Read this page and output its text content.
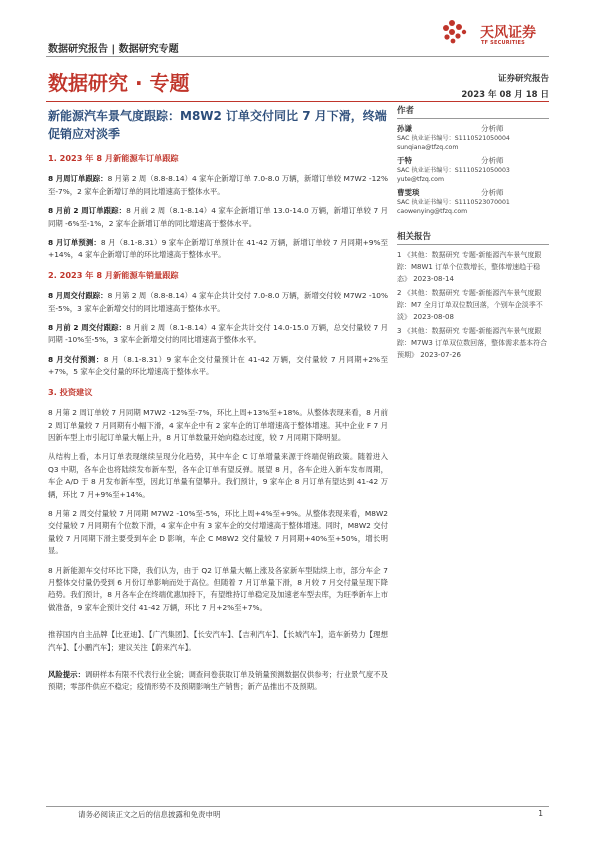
数据研究报告 | 数据研究专题
天风证券
TF SECURITIES
数据研究 · 专题	证券研究报告
2023 年 08 月 18 日
新能源汽车景气度跟踪：M8W2 订单交付同比 7 月下滑，终端促销应对淡季
1. 2023 年 8 月新能源车订单跟踪

8 月周订单跟踪：8 月第 2 周（8.8-8.14）4 家车企新增订单 7.0-8.0 万辆，新增订单较 M7W2 -12%至-7%，2 家车企新增订单的同比增速高于整体水平。

8 月前 2 周订单跟踪：8 月前 2 周（8.1-8.14）4 家车企新增订单 13.0-14.0 万辆，新增订单较 7 月同期 -6%至-1%，2 家车企新增订单的同比增速高于整体水平。

8 月订单预测：8 月（8.1-8.31）9 家车企新增订单预计在 41-42 万辆，新增订单较 7 月同期+9%至+14%，4 家车企新增订单的环比增速高于整体水平。

2. 2023 年 8 月新能源车销量跟踪

8 月周交付跟踪：8 月第 2 周（8.8-8.14）4 家车企共计交付 7.0-8.0 万辆，新增交付较 M7W2 -10%至-5%，3 家车企新增交付的同比增速高于整体水平。

8 月前 2 周交付跟踪：8 月前 2 周（8.1-8.14）4 家车企共计交付 14.0-15.0 万辆，总交付量较 7 月同期 -10%至-5%，3 家车企新增交付的同比增速高于整体水平。

8 月交付预测：8 月（8.1-8.31）9 家车企交付量预计在 41-42 万辆，交付量较 7 月同期+2%至+7%，5 家车企交付量的环比增速高于整体水平。

3. 投资建议

8 月第 2 周订单较 7 月同期 M7W2 -12%至-7%，环比上周+13%至+18%。从整体表现来看，8 月前 2 周订单量较 7 月同期有小幅下滑，4 家车企中有 2 家车企的订单增速高于整体增速。其中企业 F 7 月因新车型上市引起订单量大幅上升，8 月订单数量开始向稳态过度，较 7 月同期下降明显。

从结构上看，本月订单表现继续呈现分化趋势，其中车企 C 订单增量来源于终端促销政策。随着进入 Q3 中期，各车企也将陆续发布新车型，各车企订单有望反弹。展望 8 月，各车企进入新车发布周期，车企 A/D 于 8 月发布新车型，因此订单量有望攀升。我们预计，9 家车企 8 月订单有望达到 41-42 万辆，环比 7 月+9%至+14%。

8 月第 2 周交付量较 7 月同期 M7W2 -10%至-5%，环比上周+4%至+9%。从整体表现来看，M8W2 交付量较 7 月同期有个位数下滑，4 家车企中有 3 家车企的交付增速高于整体增速。同时，M8W2 交付量较 7 月同期下滑主要受到车企 D 影响，车企 C M8W2 交付量较 7 月同期+40%至+50%，增长明显。

8 月新能源车交付环比下降，我们认为，由于 Q2 订单量大幅上涨及各家新车型陆续上市，部分车企 7 月整体交付量仍受到 6 月份订单影响而处于高位。但随着 7 月订单量下滑，8 月较 7 月交付量呈现下降趋势。我们预计，8 月各车企在终端优惠加持下，有望维持订单稳定及加速老车型去库，为旺季新车上市做准备，9 家车企预计交付 41-42 万辆，环比 7 月+2%至+7%。

推荐国内自主品牌【比亚迪】、【广汽集团】、【长安汽车】、【吉利汽车】、【长城汽车】，造车新势力【理想汽车】、【小鹏汽车】；建议关注【蔚来汽车】。

风险提示：调研样本有限不代表行业全貌；调查问卷获取订单及销量预测数据仅供参考；行业景气度不及预期；零部件供应不稳定；疫情形势不及预期影响生产销售；新产品推出不及预期。

作者
孙谦	分析师
SAC 执业证书编号：S1110521050004
sunqiana@tfzq.com
于特	分析师
SAC 执业证书编号：S1110521050003
yute@tfzq.com
曹雯琰	分析师
SAC 执业证书编号：S1110523070001
caowenying@tfzq.com
相关报告
1 《其他：数据研究 专题-新能源汽车景气度跟踪：M8W1 订单个位数增长，整体增速趋于稳态》 2023-08-14
2 《其他：数据研究 专题-新能源汽车景气度跟踪：M7 全月订单双位数回落，个别车企淡季不淡》 2023-08-08
3 《其他：数据研究 专题-新能源汽车景气度跟踪：M7W3 订单双位数回落，整体需求基本符合预期》 2023-07-26
请务必阅读正文之后的信息披露和免责申明	1
